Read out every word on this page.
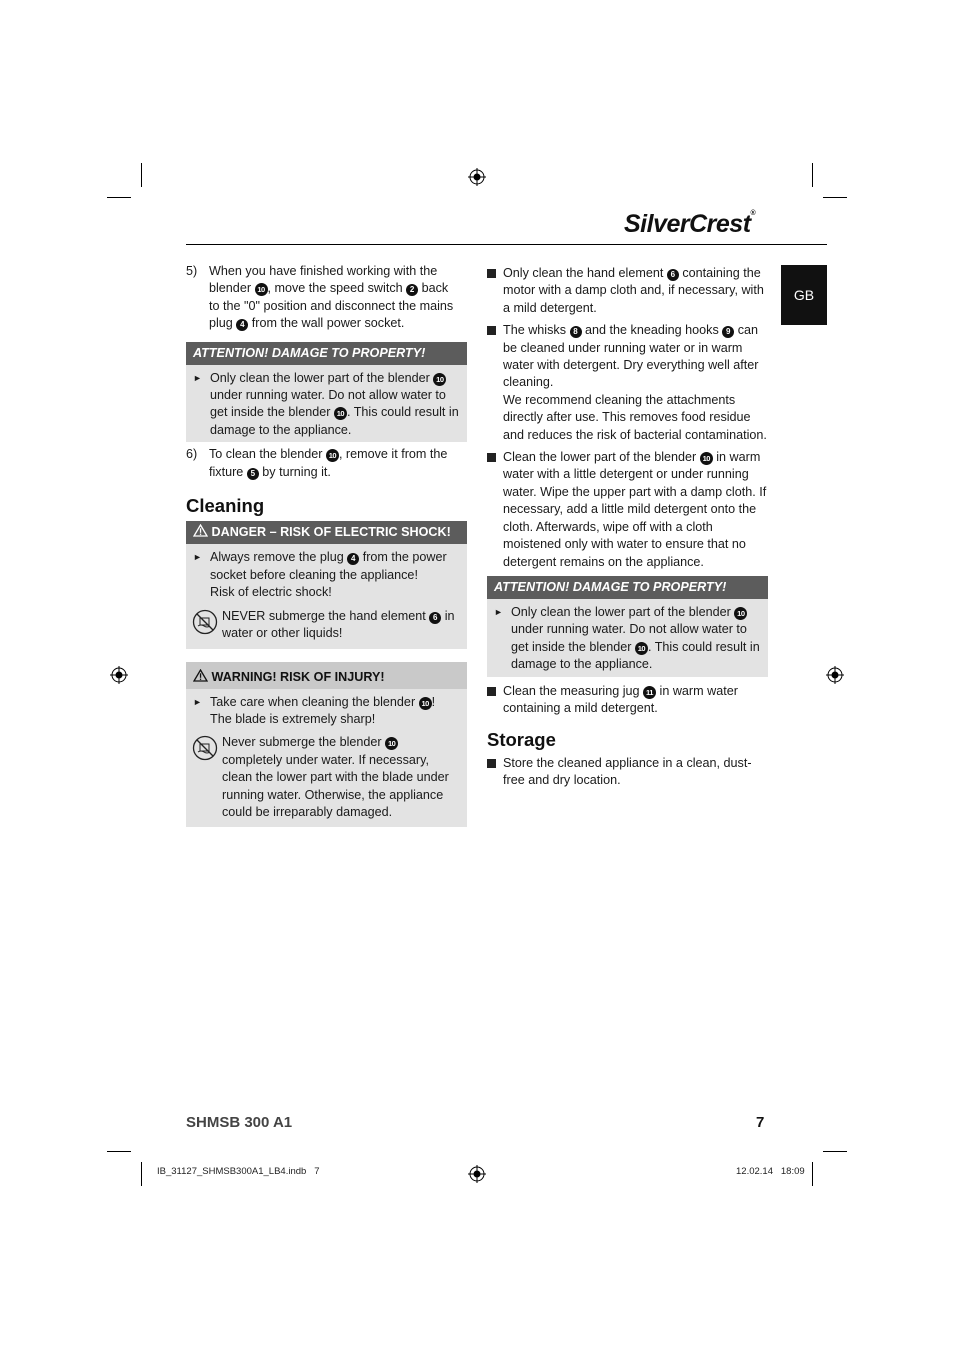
SilverCrest®
GB

5) When you have finished working with the blender 10 , move the speed switch 2 back to the "0" position and disconnect the mains plug 4 from the wall power socket.

ATTENTION! DAMAGE TO PROPERTY!
► Only clean the lower part of the blender 10 under running water. Do not allow water to get inside the blender 10 . This could result in damage to the appliance.

6) To clean the blender 10 , remove it from the fixture 5 by turning it.

Cleaning
DANGER – RISK OF ELECTRIC SHOCK!
► Always remove the plug 4 from the power socket before cleaning the appliance!
Risk of electric shock!
NEVER submerge the hand element 6 in water or other liquids!
WARNING! RISK OF INJURY!
► Take care when cleaning the blender 10 !
The blade is extremely sharp!
Never submerge the blender 10 completely under water. If necessary, clean the lower part with the blade under running water. Otherwise, the appliance could be irreparably damaged.
Only clean the hand element 6 containing the motor with a damp cloth and, if necessary, with a mild detergent.
The whisks 8 and the kneading hooks 9 can be cleaned under running water or in warm water with detergent. Dry everything well after cleaning.
We recommend cleaning the attachments directly after use. This removes food residue and reduces the risk of bacterial contamination.
Clean the lower part of the blender 10 in warm water with a little detergent or under running water. Wipe the upper part with a damp cloth. If necessary, add a little mild detergent onto the cloth. Afterwards, wipe off with a cloth moistened only with water to ensure that no detergent remains on the appliance.
ATTENTION! DAMAGE TO PROPERTY!
► Only clean the lower part of the blender 10 under running water. Do not allow water to get inside the blender 10 . This could result in damage to the appliance.
Clean the measuring jug 11 in warm water containing a mild detergent.
Storage
Store the cleaned appliance in a clean, dust-free and dry location.
SHMSB 300 A1	7
IB_31127_SHMSB300A1_LB4.indb   7	12.02.14   18:09
